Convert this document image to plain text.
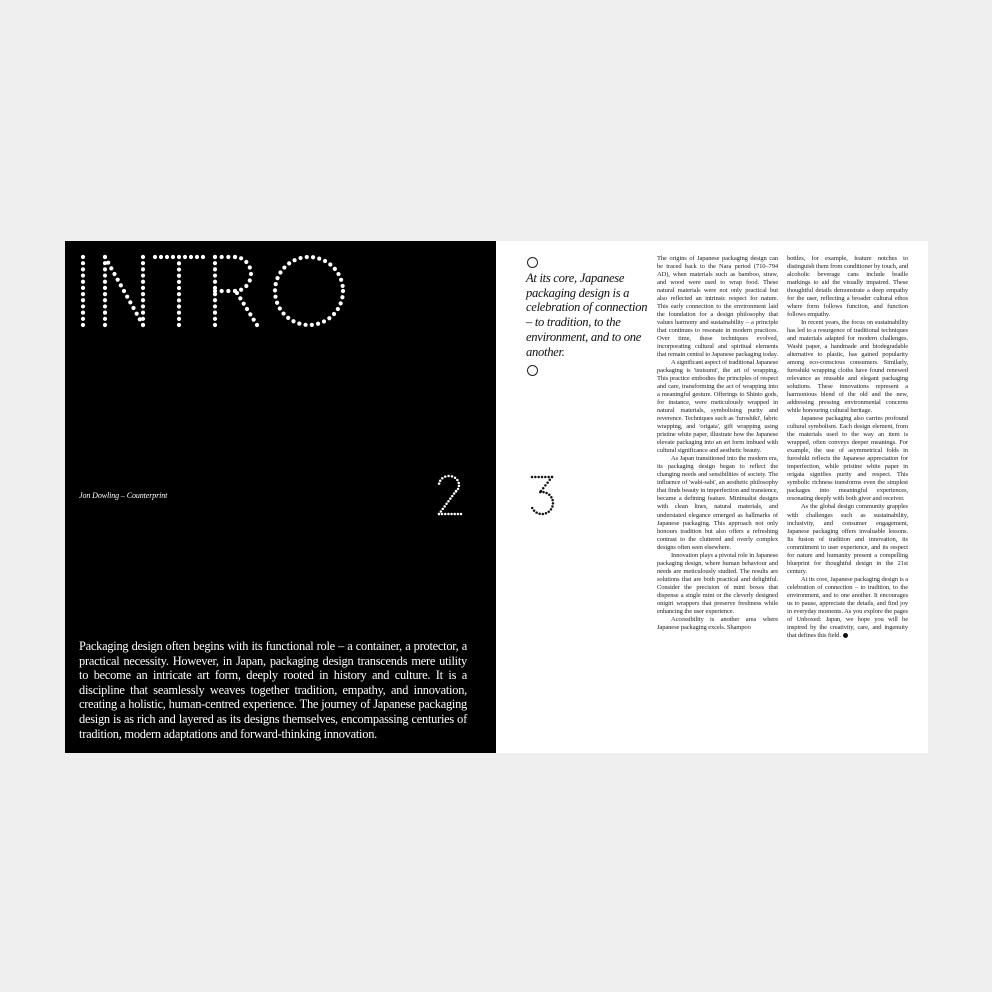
Jon Dowling – Counterprint

Packaging design often begins with its functional role – a container, a protector, a practical necessity. However, in Japan, packaging design transcends mere utility to become an intricate art form, deeply rooted in history and culture. It is a discipline that seamlessly weaves together tradition, empathy, and innovation, creating a holistic, human-centred experience. The journey of Japanese packaging design is as rich and layered as its designs themselves, encompassing centuries of tradition, modern adaptations and forward-thinking innovation.

At its core, Japanese packaging design is a celebration of connection – to tradition, to the environment, and to one another.

The origins of Japanese packaging design can be traced back to the Nara period (710–794 AD), when materials such as bamboo, straw, and wood were used to wrap food. These natural materials were not only practical but also reflected an intrinsic respect for nature. This early connection to the environment laid the foundation for a design philosophy that values harmony and sustainability – a principle that continues to resonate in modern practices. Over time, these techniques evolved, incorporating cultural and spiritual elements that remain central to Japanese packaging today.

A significant aspect of traditional Japanese packaging is 'tsutsumi', the art of wrapping. This practice embodies the principles of respect and care, transforming the act of wrapping into a meaningful gesture. Offerings to Shinto gods, for instance, were meticulously wrapped in natural materials, symbolising purity and reverence. Techniques such as 'furoshiki', fabric wrapping, and 'origata', gift wrapping using pristine white paper, illustrate how the Japanese elevate packaging into an art form imbued with cultural significance and aesthetic beauty.

As Japan transitioned into the modern era, its packaging design began to reflect the changing needs and sensibilities of society. The influence of 'wabi-sabi', an aesthetic philosophy that finds beauty in imperfection and transience, became a defining feature. Minimalist designs with clean lines, natural materials, and understated elegance emerged as hallmarks of Japanese packaging. This approach not only honours tradition but also offers a refreshing contrast to the cluttered and overly complex designs often seen elsewhere.

Innovation plays a pivotal role in Japanese packaging design, where human behaviour and needs are meticulously studied. The results are solutions that are both practical and delightful. Consider the precision of mint boxes that dispense a single mint or the cleverly designed onigiri wrappers that preserve freshness while enhancing the user experience.

Accessibility is another area where Japanese packaging excels. Shampoo

bottles, for example, feature notches to distinguish them from conditioner by touch, and alcoholic beverage cans include braille markings to aid the visually impaired. These thoughtful details demonstrate a deep empathy for the user, reflecting a broader cultural ethos where form follows function, and function follows empathy.

In recent years, the focus on sustainability has led to a resurgence of traditional techniques and materials adapted for modern challenges. Washi paper, a handmade and biodegradable alternative to plastic, has gained popularity among eco-conscious consumers. Similarly, furoshiki wrapping cloths have found renewed relevance as reusable and elegant packaging solutions. These innovations represent a harmonious blend of the old and the new, addressing pressing environmental concerns while honouring cultural heritage.

Japanese packaging also carries profound cultural symbolism. Each design element, from the materials used to the way an item is wrapped, often conveys deeper meanings. For example, the use of asymmetrical folds in furoshiki reflects the Japanese appreciation for imperfection, while pristine white paper in origata signifies purity and respect. This symbolic richness transforms even the simplest packages into meaningful experiences, resonating deeply with both giver and receiver.

As the global design community grapples with challenges such as sustainability, inclusivity, and consumer engagement, Japanese packaging offers invaluable lessons. Its fusion of tradition and innovation, its commitment to user experience, and its respect for nature and humanity present a compelling blueprint for thoughtful design in the 21st century.

At its core, Japanese packaging design is a celebration of connection – to tradition, to the environment, and to one another. It encourages us to pause, appreciate the details, and find joy in everyday moments. As you explore the pages of Unboxed: Japan, we hope you will be inspired by the creativity, care, and ingenuity that defines this field.
